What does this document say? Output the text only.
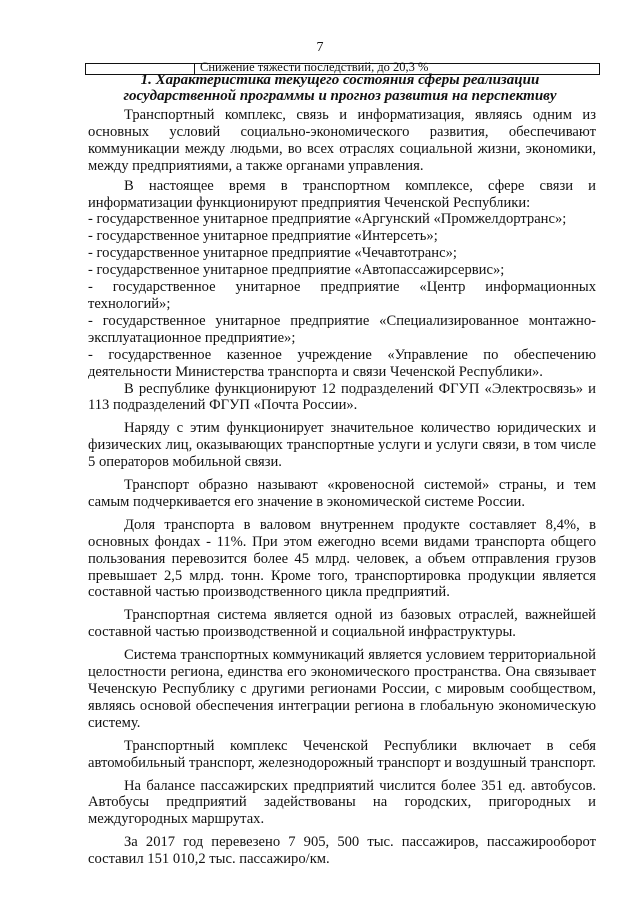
7
Снижение тяжести последствий, до 20,3 %
1. Характеристика текущего состояния сферы реализации
государственной программы и прогноз развития на перспективу

Транспортный комплекс, связь и информатизация, являясь одним из основных условий социально-экономического развития, обеспечивают коммуникации между людьми, во всех отраслях социальной жизни, экономики, между предприятиями, а также органами управления.

В настоящее время в транспортном комплексе, сфере связи и информатизации функционируют предприятия Чеченской Республики:

- государственное унитарное предприятие «Аргунский «Промжелдортранс»;

- государственное унитарное предприятие «Интерсеть»;

- государственное унитарное предприятие «Чечавтотранс»;

- государственное унитарное предприятие «Автопассажирсервис»;

- государственное унитарное предприятие «Центр информационных технологий»;

- государственное унитарное предприятие «Специализированное монтажно-эксплуатационное предприятие»;

- государственное казенное учреждение «Управление по обеспечению деятельности Министерства транспорта и связи Чеченской Республики».

В республике функционируют 12 подразделений ФГУП «Электросвязь» и 113 подразделений ФГУП «Почта России».

Наряду с этим функционирует значительное количество юридических и физических лиц, оказывающих транспортные услуги и услуги связи, в том числе 5 операторов мобильной связи.

Транспорт образно называют «кровеносной системой» страны, и тем самым подчеркивается его значение в экономической системе России.

Доля транспорта в валовом внутреннем продукте составляет 8,4%, в основных фондах - 11%. При этом ежегодно всеми видами транспорта общего пользования перевозится более 45 млрд. человек, а объем отправления грузов превышает 2,5 млрд. тонн. Кроме того, транспортировка продукции является составной частью производственного цикла предприятий.

Транспортная система является одной из базовых отраслей, важнейшей составной частью производственной и социальной инфраструктуры.

Система транспортных коммуникаций является условием территориальной целостности региона, единства его экономического пространства. Она связывает Чеченскую Республику с другими регионами России, с мировым сообществом, являясь основой обеспечения интеграции региона в глобальную экономическую систему.

Транспортный комплекс Чеченской Республики включает в себя автомобильный транспорт, железнодорожный транспорт и воздушный транспорт.

На балансе пассажирских предприятий числится более 351 ед. автобусов. Автобусы предприятий задействованы на городских, пригородных и междугородных маршрутах.

За 2017 год перевезено 7 905, 500 тыс. пассажиров, пассажирооборот составил 151 010,2 тыс. пассажиро/км.
